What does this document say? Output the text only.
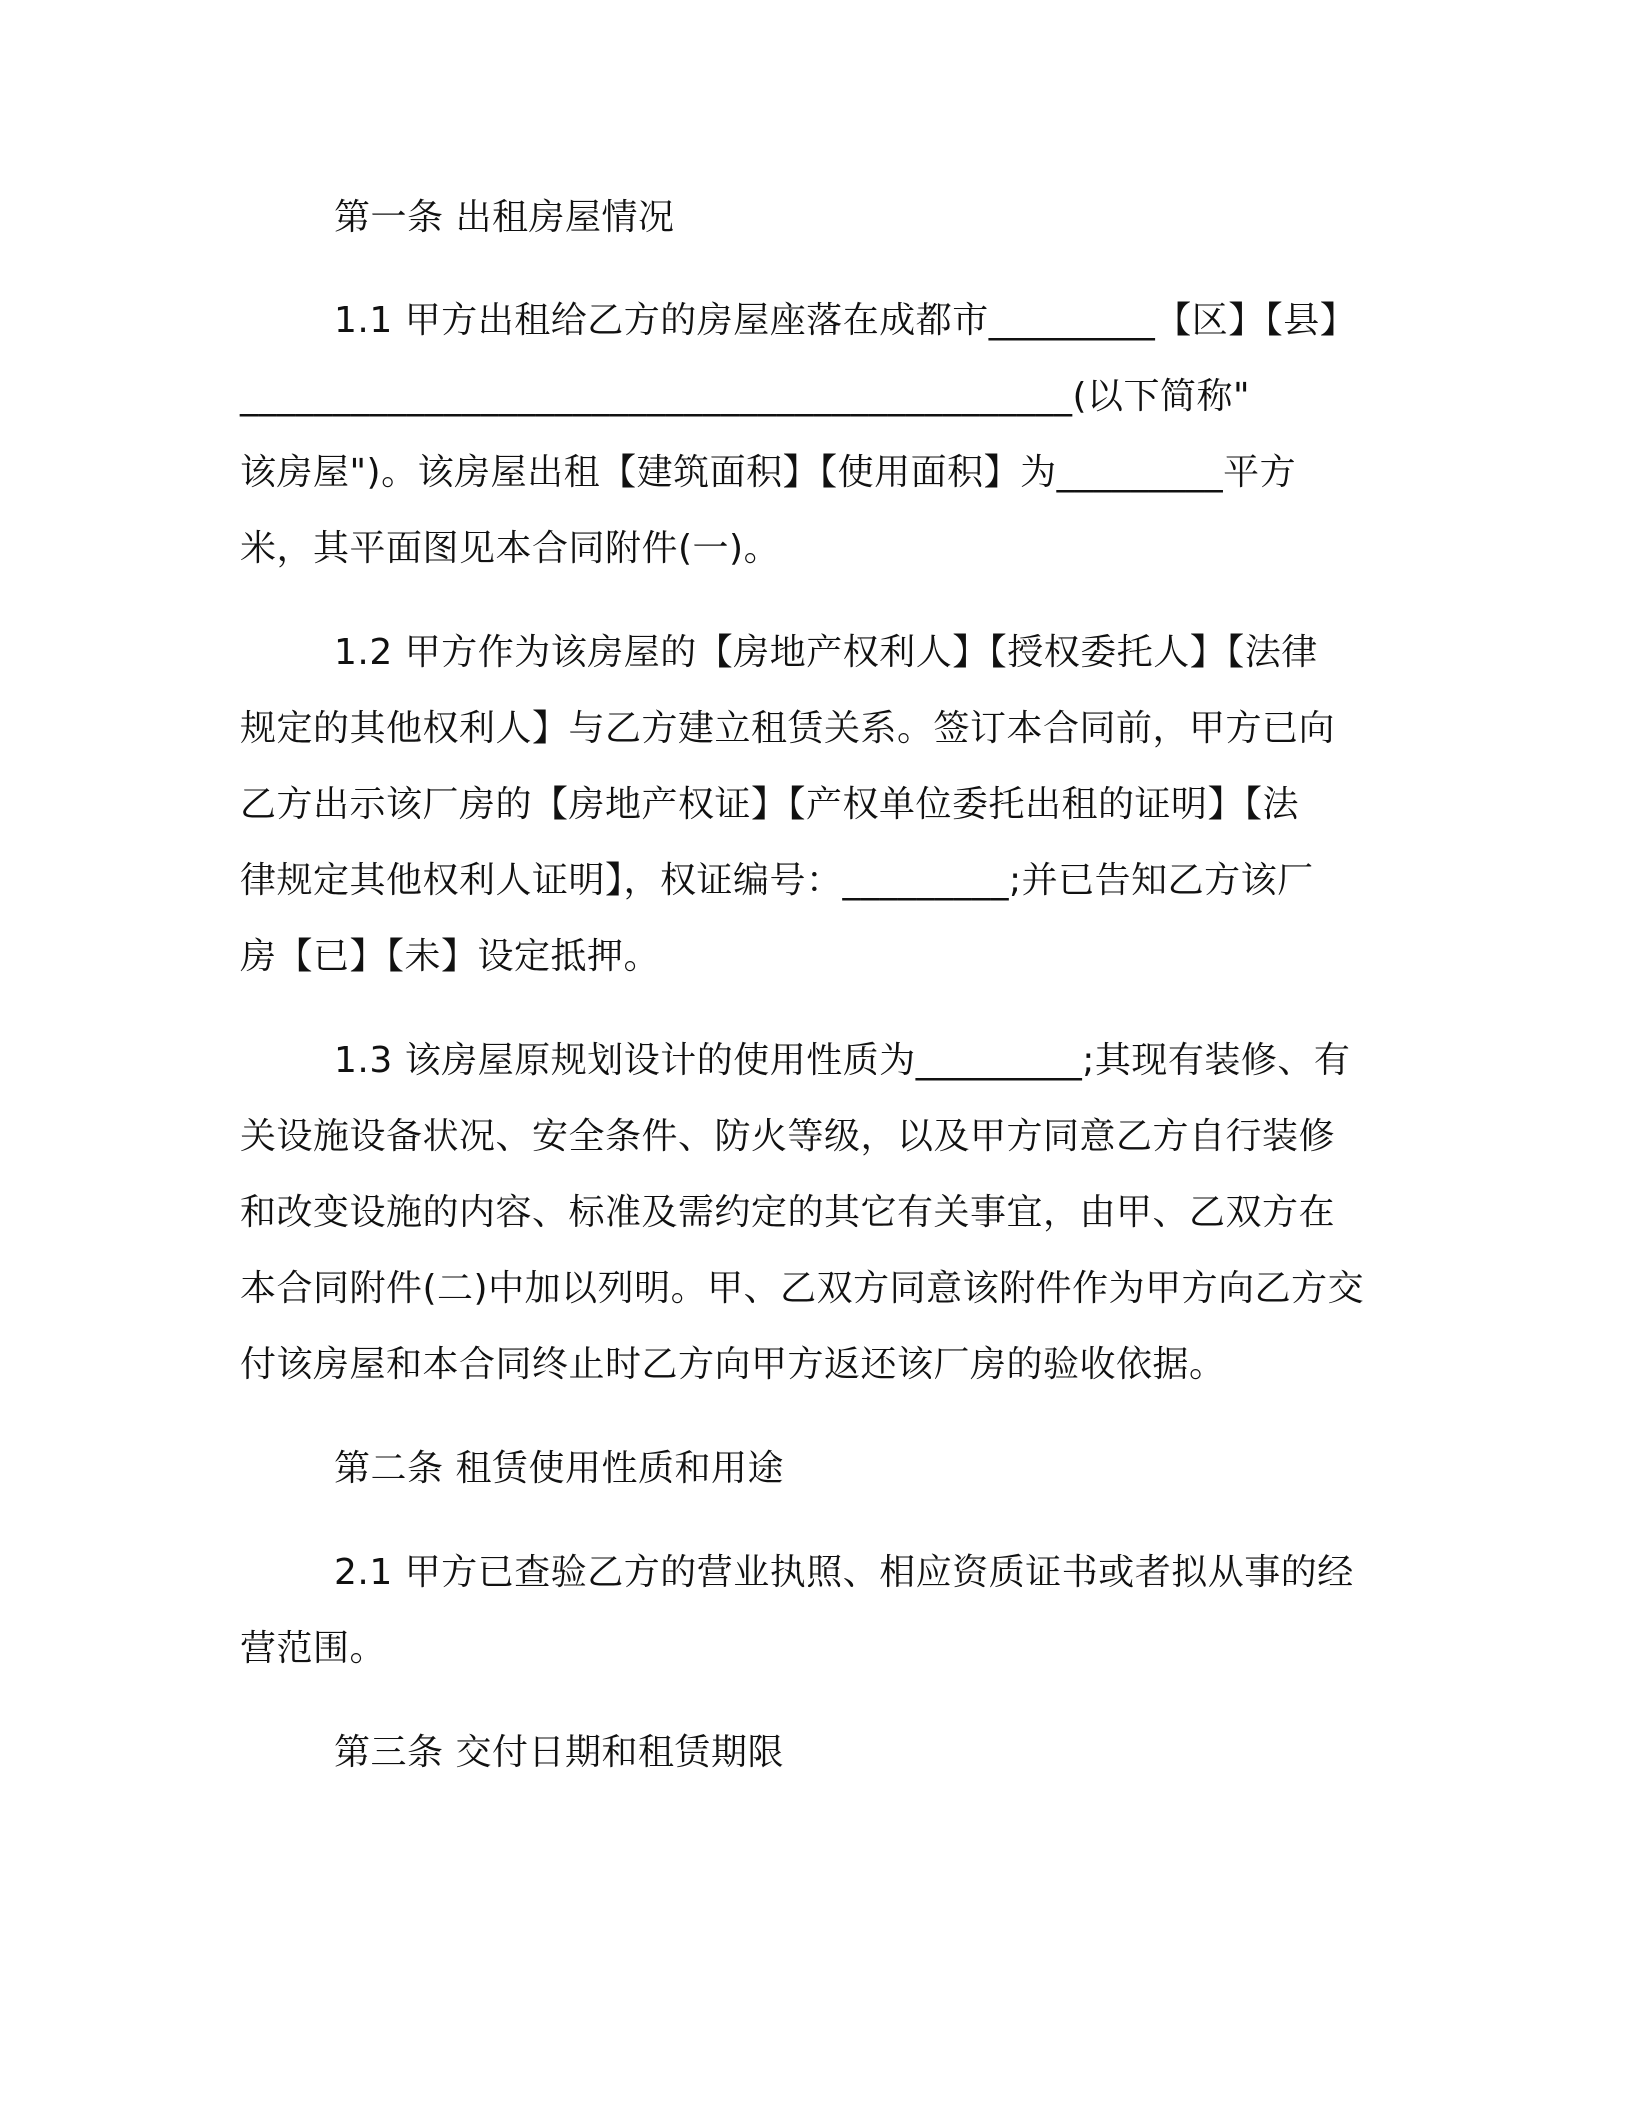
第一条 出租房屋情况
1.1 甲方出租给乙方的房屋座落在成都市_________【区】【县】
_____________________________________________(以下简称"
该房屋")。该房屋出租【建筑面积】【使用面积】为_________平方
米，其平面图见本合同附件(一)。
1.2 甲方作为该房屋的【房地产权利人】【授权委托人】【法律
规定的其他权利人】与乙方建立租赁关系。签订本合同前，甲方已向
乙方出示该厂房的【房地产权证】【产权单位委托出租的证明】【法
律规定其他权利人证明】，权证编号：_________;并已告知乙方该厂
房【已】【未】设定抵押。
1.3 该房屋原规划设计的使用性质为_________;其现有装修、有
关设施设备状况、安全条件、防火等级，以及甲方同意乙方自行装修
和改变设施的内容、标准及需约定的其它有关事宜，由甲、乙双方在
本合同附件(二)中加以列明。甲、乙双方同意该附件作为甲方向乙方交
付该房屋和本合同终止时乙方向甲方返还该厂房的验收依据。
第二条 租赁使用性质和用途
2.1 甲方已查验乙方的营业执照、相应资质证书或者拟从事的经
营范围。
第三条 交付日期和租赁期限
